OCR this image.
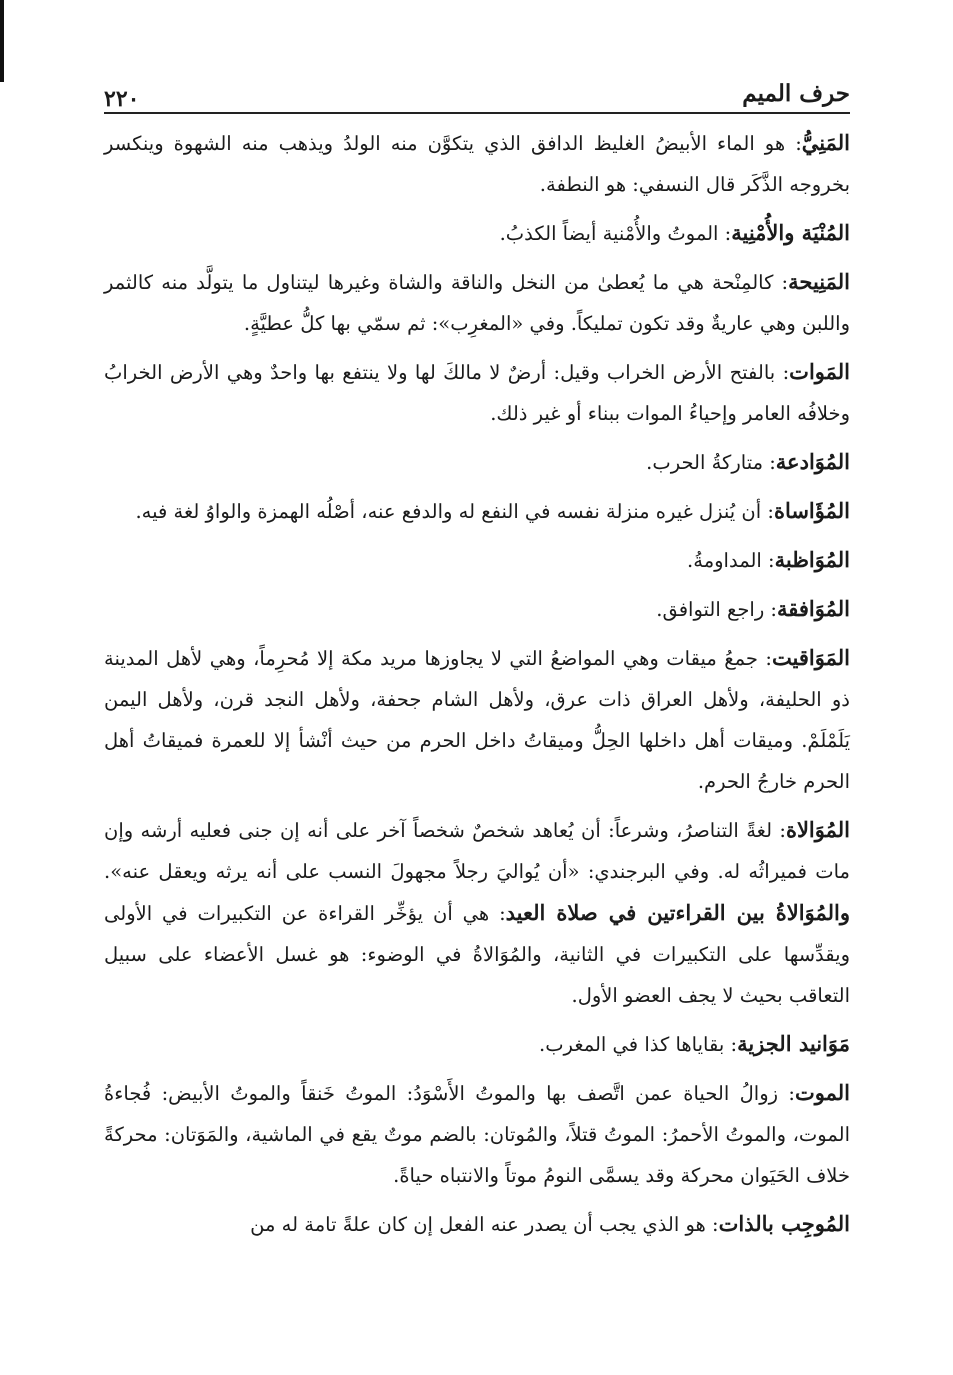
حرف الميم
٢٢٠

المَنِيُّ: هو الماء الأبيضُ الغليظ الدافق الذي يتكوَّن منه الولدُ ويذهب منه الشهوة وينكسر بخروجه الذَّكَر قال النسفي: هو النطفة.

المُنْيَة والأُمْنِية: الموتُ والأُمْنية أيضاً الكذبُ.

المَنِيحة: كالمِنْحة هي ما يُعطىٰ من النخل والناقة والشاة وغيرها ليتناول ما يتولَّد منه كالثمر واللبن وهي عاريةٌ وقد تكون تمليكاً. وفي «المغرِب»: ثم سمّي بها كلُّ عطيَّةٍ.

المَوات: بالفتح الأرض الخراب وقيل: أرضٌ لا مالكَ لها ولا ينتفع بها واحدٌ وهي الأرض الخرابُ وخلافُه العامر وإحياءُ الموات ببناء أو غير ذلك.

المُوَادعة: متاركةُ الحرب.

المُؤَاساة: أن يُنزل غيره منزلة نفسه في النفع له والدفع عنه، أصْلُه الهمزة والواوُ لغة فيه.

المُوَاظبة: المداومةُ.

المُوَافقة: راجع التوافق.

المَوَاقيت: جمعُ ميقات وهي المواضعُ التي لا يجاوزها مريد مكة إلا مُحرِماً، وهي لأهل المدينة ذو الحليفة، ولأهل العراق ذات عرق، ولأهل الشام جحفة، ولأهل النجد قرن، ولأهل اليمن يَلَمْلَمْ. وميقات أهل داخلها الحِلُّ وميقاتُ داخل الحرم من حيث أنْشأ إلا للعمرة فميقاتُ أهل الحرم خارجُ الحرم.

المُوَالاة: لغةً التناصرُ، وشرعاً: أن يُعاهد شخصٌ شخصاً آخر على أنه إن جنى فعليه أرشه وإن مات فميراثُه له. وفي البرجندي: «أن يُواليَ رجلاً مجهولَ النسب على أنه يرثه ويعقل عنه». والمُوَالاةُ بين القراءتين في صلاة العيد: هي أن يؤخِّر القراءة عن التكبيرات في الأولى ويقدِّسها على التكبيرات في الثانية، والمُوَالاةُ في الوضوء: هو غسل الأعضاء على سبيل التعاقب بحيث لا يجف العضو الأول.

مَوَانيد الجزية: بقاياها كذا في المغرب.

الموت: زوالُ الحياة عمن اتَّصف بها والموتُ الأَسْوَدُ: الموتُ خَنقاً والموتُ الأبيض: فُجاءةُ الموت، والموتُ الأحمرُ: الموتُ قتلاً، والمُوتان: بالضم موتٌ يقع في الماشية، والمَوَتان: محركةً خلاف الحَيَوان محركة وقد يسمَّى النومُ موتاً والانتباه حياةً.

المُوجِب بالذات: هو الذي يجب أن يصدر عنه الفعل إن كان علةً تامة له من
